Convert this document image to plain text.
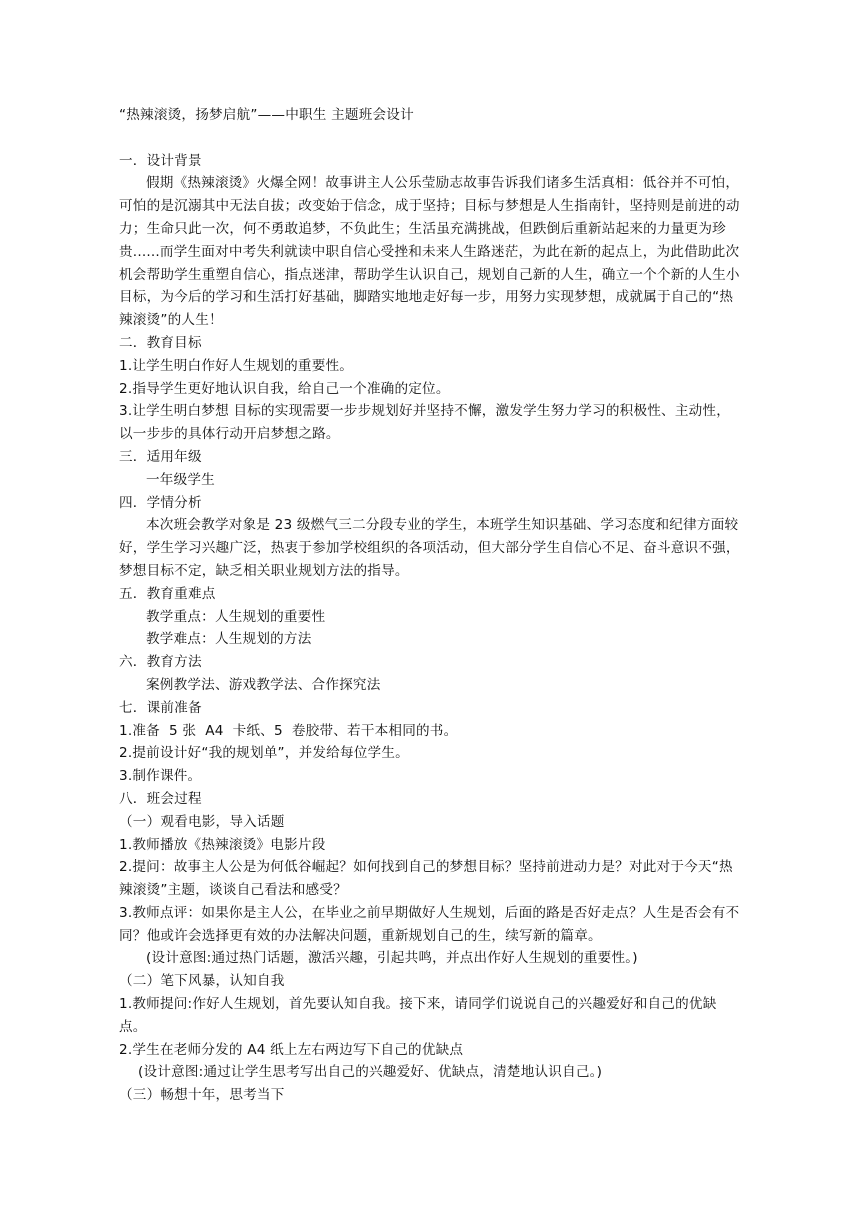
“热辣滚烫，扬梦启航”——中职生 主题班会设计

一．设计背景

假期《热辣滚烫》火爆全网！故事讲主人公乐莹励志故事告诉我们诸多生活真相：低谷并不可怕，可怕的是沉溺其中无法自拔；改变始于信念，成于坚持；目标与梦想是人生指南针，坚持则是前进的动力；生命只此一次，何不勇敢追梦，不负此生；生活虽充满挑战，但跌倒后重新站起来的力量更为珍贵......而学生面对中考失利就读中职自信心受挫和未来人生路迷茫，为此在新的起点上，为此借助此次机会帮助学生重塑自信心，指点迷津，帮助学生认识自己，规划自己新的人生，确立一个个新的人生小目标，为今后的学习和生活打好基础，脚踏实地地走好每一步，用努力实现梦想，成就属于自己的“热辣滚烫”的人生！

二．教育目标

1.让学生明白作好人生规划的重要性。

2.指导学生更好地认识自我，给自己一个准确的定位。

3.让学生明白梦想 目标的实现需要一步步规划好并坚持不懈，激发学生努力学习的积极性、主动性，以一步步的具体行动开启梦想之路。

三．适用年级

一年级学生

四．学情分析

本次班会教学对象是 23 级燃气三二分段专业的学生，本班学生知识基础、学习态度和纪律方面较好，学生学习兴趣广泛，热衷于参加学校组织的各项活动，但大部分学生自信心不足、奋斗意识不强，梦想目标不定，缺乏相关职业规划方法的指导。

五．教育重难点

教学重点：人生规划的重要性

教学难点：人生规划的方法

六．教育方法

案例教学法、游戏教学法、合作探究法

七．课前准备

1.准备  5 张  A4  卡纸、5  卷胶带、若干本相同的书。

2.提前设计好“我的规划单”，并发给每位学生。

3.制作课件。

八．班会过程

（一）观看电影，导入话题

1.教师播放《热辣滚烫》电影片段

2.提问：故事主人公是为何低谷崛起？如何找到自己的梦想目标？坚持前进动力是？对此对于今天“热辣滚烫”主题，谈谈自己看法和感受？

3.教师点评：如果你是主人公，在毕业之前早期做好人生规划，后面的路是否好走点？人生是否会有不同？他或许会选择更有效的办法解决问题，重新规划自己的生，续写新的篇章。

(设计意图:通过热门话题，激活兴趣，引起共鸣，并点出作好人生规划的重要性。)

（二）笔下风暴，认知自我

1.教师提问:作好人生规划，首先要认知自我。接下来，请同学们说说自己的兴趣爱好和自己的优缺点。

2.学生在老师分发的 A4 纸上左右两边写下自己的优缺点

(设计意图:通过让学生思考写出自己的兴趣爱好、优缺点，清楚地认识自己。)

（三）畅想十年，思考当下
